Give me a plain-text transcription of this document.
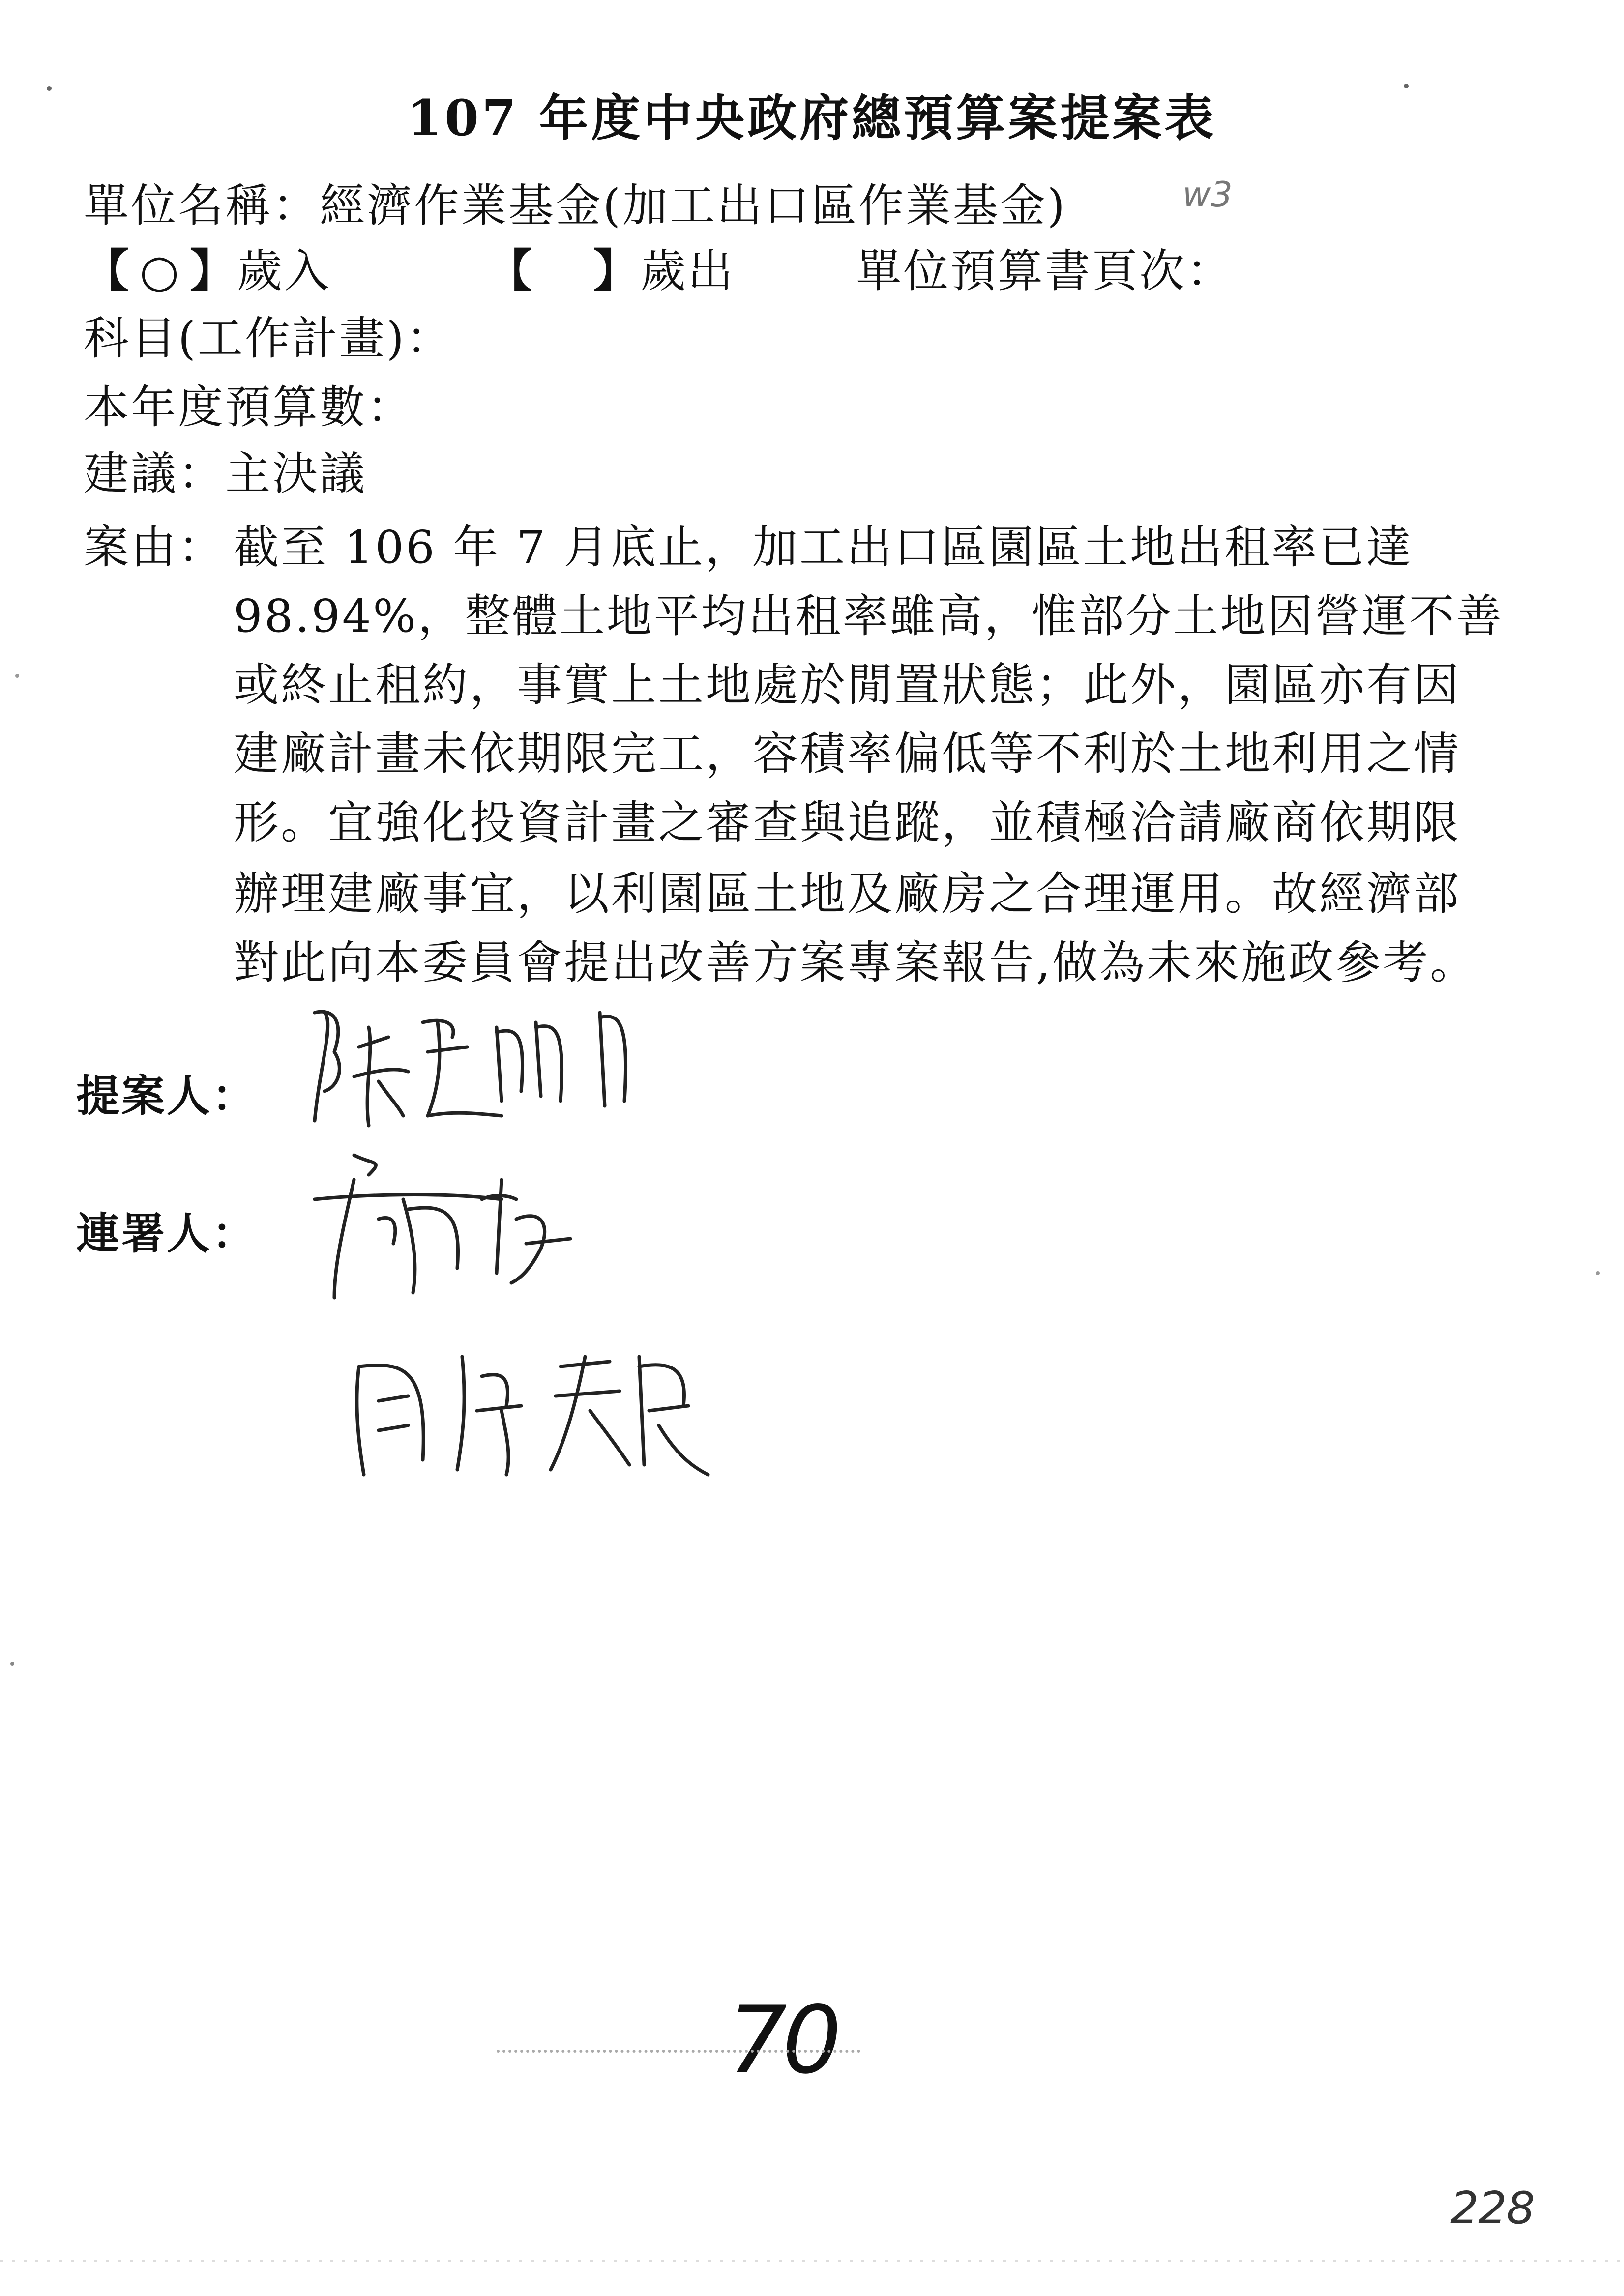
107 年度中央政府總預算案提案表
單位名稱：經濟作業基金(加工出口區作業基金)	w3
【 ○ 】歲入	【 】歲出	單位預算書頁次：
科目(工作計畫)：
本年度預算數：
建議：主決議
案由： 截至 106 年 7 月底止，加工出口區園區土地出租率已達
98.94%，整體土地平均出租率雖高，惟部分土地因營運不善
或終止租約，事實上土地處於閒置狀態；此外，園區亦有因
建廠計畫未依期限完工，容積率偏低等不利於土地利用之情
形。宜強化投資計畫之審查與追蹤，並積極洽請廠商依期限
辦理建廠事宜，以利園區土地及廠房之合理運用。故經濟部
對此向本委員會提出改善方案專案報告,做為未來施政參考。
提案人：
連署人：
70
228
